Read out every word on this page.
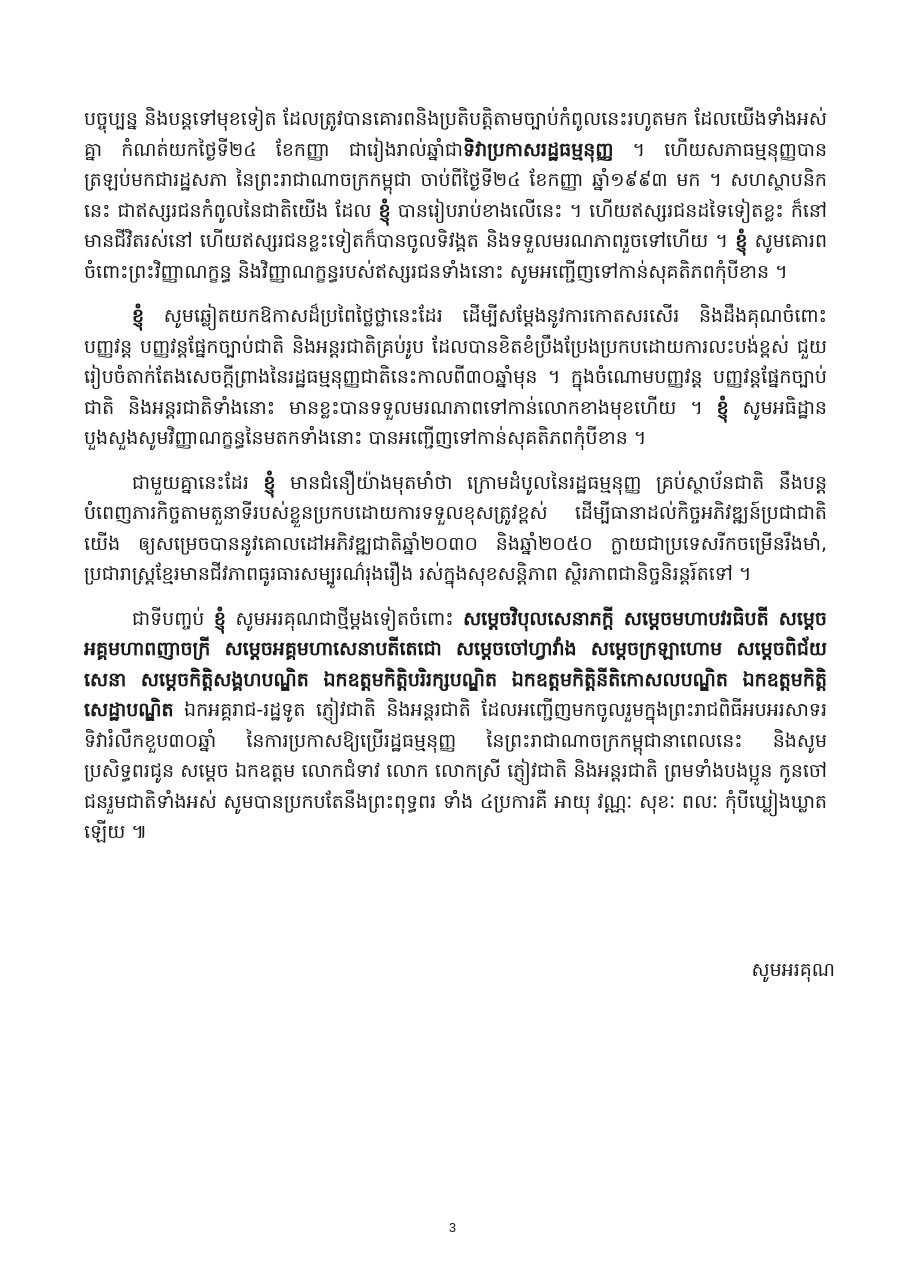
បច្ចុប្បន្ន និងបន្តទៅមុខទៀត ដែលត្រូវបានគោរពនិងប្រតិបត្តិតាមច្បាប់កំពូលនេះរហូតមក ដែលយើងទាំងអស់គ្នា កំណត់យកថ្ងៃទី២៤ ខែកញ្ញា ជារៀងរាល់ឆ្នាំជាទិវាប្រកាសរដ្ឋធម្មនុញ្ញ ។ ហើយសភាធម្មនុញ្ញបានត្រឡប់មកជារដ្ឋសភា នៃព្រះរាជាណាចក្រកម្ពុជា ចាប់ពីថ្ងៃទី២៤ ខែកញ្ញា ឆ្នាំ១៩៩៣ មក ។ សហស្ថាបនិកនេះ ជាឥស្សរជនកំពូលនៃជាតិយើង ដែល ខ្ញុំ បានរៀបរាប់ខាងលើនេះ ។ ហើយឥស្សរជនដទៃទៀតខ្លះ ក៏នៅមានជីវិតរស់នៅ ហើយឥស្សរជនខ្លះទៀតក៏បានចូលទិវង្គត និងទទួលមរណភាពរួចទៅហើយ ។ ខ្ញុំ សូមគោរពចំពោះព្រះវិញ្ញាណក្ខន្ធ និងវិញ្ញាណក្ខន្ធរបស់ឥស្សរជនទាំងនោះ សូមអញ្ជើញទៅកាន់សុគតិភពកុំបីខាន ។

ខ្ញុំ សូមឆ្លៀតយកឱកាសដ៏ប្រពៃថ្លៃថ្លានេះដែរ ដើម្បីសម្តែងនូវការកោតសរសើរ និងដឹងគុណចំពោះបញ្ញវន្ត បញ្ញវន្តផ្នែកច្បាប់ជាតិ និងអន្តរជាតិគ្រប់រូប ដែលបានខិតខំប្រឹងប្រែងប្រកបដោយការលះបង់ខ្ពស់ ជួយរៀបចំតាក់តែងសេចក្តីព្រាងនៃរដ្ឋធម្មនុញ្ញជាតិនេះកាលពី៣០ឆ្នាំមុន ។ ក្នុងចំណោមបញ្ញវន្ត បញ្ញវន្តផ្នែកច្បាប់ជាតិ និងអន្តរជាតិទាំងនោះ មានខ្លះបានទទួលមរណភាពទៅកាន់លោកខាងមុខហើយ ។ ខ្ញុំ សូមអធិដ្ឋានបួងសួងសូមវិញ្ញាណក្ខន្ធនៃមតកទាំងនោះ បានអញ្ជើញទៅកាន់សុគតិភពកុំបីខាន ។

ជាមួយគ្នានេះដែរ ខ្ញុំ មានជំនឿយ៉ាងមុតមាំថា ក្រោមដំបូលនៃរដ្ឋធម្មនុញ្ញ គ្រប់ស្ថាប័នជាតិ នឹងបន្តបំពេញភារកិច្ចតាមតួនាទីរបស់ខ្លួនប្រកបដោយការទទួលខុសត្រូវខ្ពស់ ដើម្បីធានាដល់កិច្ចអភិវឌ្ឍន៍ប្រជាជាតិយើង ឲ្យសម្រេចបាននូវគោលដៅអភិវឌ្ឍជាតិឆ្នាំ២០៣០ និងឆ្នាំ២០៥០ ក្លាយជាប្រទេសរីកចម្រើនរឹងមាំ, ប្រជារាស្ត្រខ្មែរមានជីវភាពធូរធារសម្បូរណ៌រុងរឿង រស់ក្នុងសុខសន្តិភាព ស្ថិរភាពជានិច្ចនិរន្តរ៍តទៅ ។

ជាទីបញ្ចប់ ខ្ញុំ សូមអរគុណជាថ្មីម្តងទៀតចំពោះ សម្តេចវិបុលសេនាភក្តី សម្តេចមហាបវរធិបតី សម្តេចអគ្គមហាពញាចក្រី សម្តេចអគ្គមហាសេនាបតីតេជោ សម្តេចចៅហ្វាវាំង សម្តេចក្រឡាហោម សម្តេចពិជ័យសេនា សម្តេចកិត្តិសង្គហបណ្ឌិត ឯកឧត្តមកិត្តិបរិរក្សបណ្ឌិត ឯកឧត្តមកិត្តិនីតិកោសលបណ្ឌិត ឯកឧត្តមកិត្តិសេដ្ឋាបណ្ឌិត ឯកអគ្គរាជ-រដ្ឋទូត ភ្ញៀវជាតិ និងអន្តរជាតិ ដែលអញ្ជើញមកចូលរួមក្នុងព្រះរាជពិធីអបអរសាទរទិវារំលឹកខួប៣០ឆ្នាំ នៃការប្រកាសឱ្យប្រើរដ្ឋធម្មនុញ្ញ នៃព្រះរាជាណាចក្រកម្ពុជានាពេលនេះ និងសូមប្រសិទ្ធពរជូន សម្តេច ឯកឧត្តម លោកជំទាវ លោក លោកស្រី ភ្ញៀវជាតិ និងអន្តរជាតិ ព្រមទាំងបងប្អូន កូនចៅ ជនរួមជាតិទាំងអស់ សូមបានប្រកបតែនឹងព្រះពុទ្ធពរ ទាំង ៤ប្រការគឺ អាយុ វណ្ណៈ សុខៈ ពលៈ កុំបីឃ្លៀងឃ្លាតឡើយ ៕

សូមអរគុណ
3
